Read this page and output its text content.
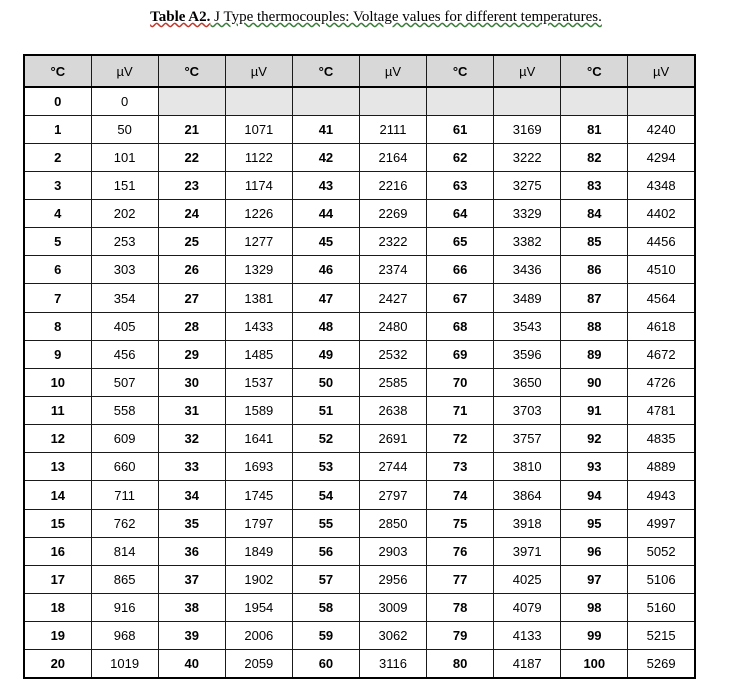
Table A2. J Type thermocouples: Voltage values for different temperatures.
°C	µV	°C	µV	°C	µV	°C	µV	°C	µV
0	0								
1	50	21	1071	41	2111	61	3169	81	4240
2	101	22	1122	42	2164	62	3222	82	4294
3	151	23	1174	43	2216	63	3275	83	4348
4	202	24	1226	44	2269	64	3329	84	4402
5	253	25	1277	45	2322	65	3382	85	4456
6	303	26	1329	46	2374	66	3436	86	4510
7	354	27	1381	47	2427	67	3489	87	4564
8	405	28	1433	48	2480	68	3543	88	4618
9	456	29	1485	49	2532	69	3596	89	4672
10	507	30	1537	50	2585	70	3650	90	4726
11	558	31	1589	51	2638	71	3703	91	4781
12	609	32	1641	52	2691	72	3757	92	4835
13	660	33	1693	53	2744	73	3810	93	4889
14	711	34	1745	54	2797	74	3864	94	4943
15	762	35	1797	55	2850	75	3918	95	4997
16	814	36	1849	56	2903	76	3971	96	5052
17	865	37	1902	57	2956	77	4025	97	5106
18	916	38	1954	58	3009	78	4079	98	5160
19	968	39	2006	59	3062	79	4133	99	5215
20	1019	40	2059	60	3116	80	4187	100	5269
